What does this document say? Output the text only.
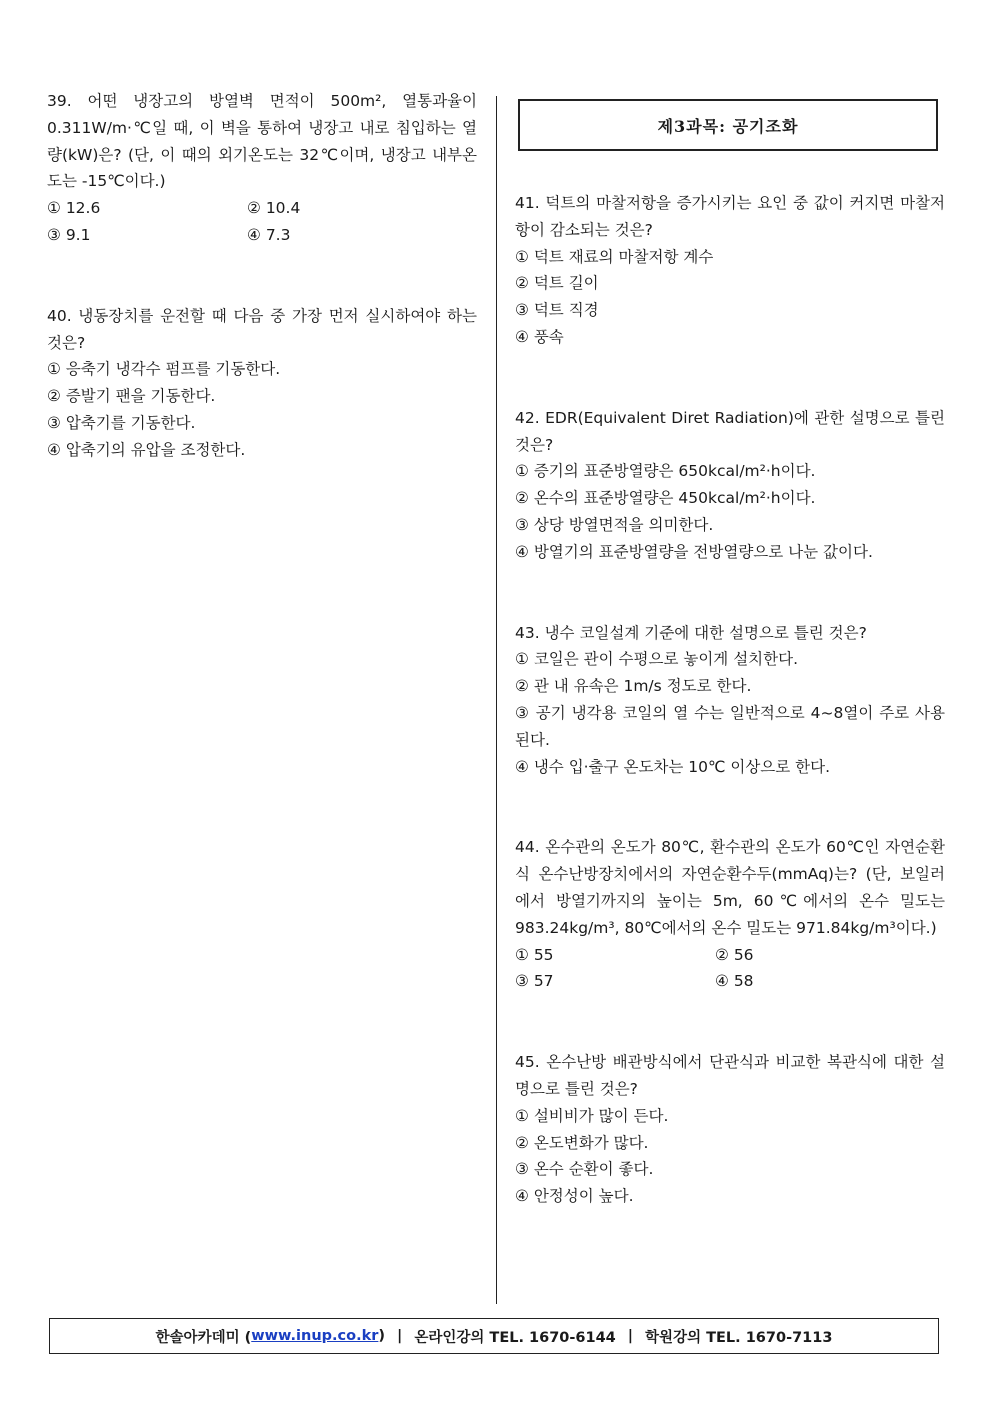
39. 어떤 냉장고의 방열벽 면적이 500m², 열통과율이 0.311W/m·℃일 때, 이 벽을 통하여 냉장고 내로 침입하는 열량(kW)은? (단, 이 때의 외기온도는 32℃이며, 냉장고 내부온도는 -15℃이다.)
① 12.6	② 10.4
③ 9.1	④ 7.3
40. 냉동장치를 운전할 때 다음 중 가장 먼저 실시하여야 하는 것은?
① 응축기 냉각수 펌프를 기동한다.
② 증발기 팬을 기동한다.
③ 압축기를 기동한다.
④ 압축기의 유압을 조정한다.
제3과목: 공기조화
41. 덕트의 마찰저항을 증가시키는 요인 중 값이 커지면 마찰저항이 감소되는 것은?
① 덕트 재료의 마찰저항 계수
② 덕트 길이
③ 덕트 직경
④ 풍속
42. EDR(Equivalent Diret Radiation)에 관한 설명으로 틀린 것은?
① 증기의 표준방열량은 650kcal/m²·h이다.
② 온수의 표준방열량은 450kcal/m²·h이다.
③ 상당 방열면적을 의미한다.
④ 방열기의 표준방열량을 전방열량으로 나눈 값이다.
43. 냉수 코일설계 기준에 대한 설명으로 틀린 것은?
① 코일은 관이 수평으로 놓이게 설치한다.
② 관 내 유속은 1m/s 정도로 한다.
③ 공기 냉각용 코일의 열 수는 일반적으로 4~8열이 주로 사용된다.
④ 냉수 입·출구 온도차는 10℃ 이상으로 한다.
44. 온수관의 온도가 80℃, 환수관의 온도가 60℃인 자연순환식 온수난방장치에서의 자연순환수두(mmAq)는? (단, 보일러에서 방열기까지의 높이는 5m, 60℃에서의 온수 밀도는 983.24kg/m³, 80℃에서의 온수 밀도는 971.84kg/m³이다.)
① 55	② 56
③ 57	④ 58
45. 온수난방 배관방식에서 단관식과 비교한 복관식에 대한 설명으로 틀린 것은?
① 설비비가 많이 든다.
② 온도변화가 많다.
③ 온수 순환이 좋다.
④ 안정성이 높다.
한솔아카데미 ( www.inup.co.kr ) | 온라인강의 TEL. 1670-6144 | 학원강의 TEL. 1670-7113
